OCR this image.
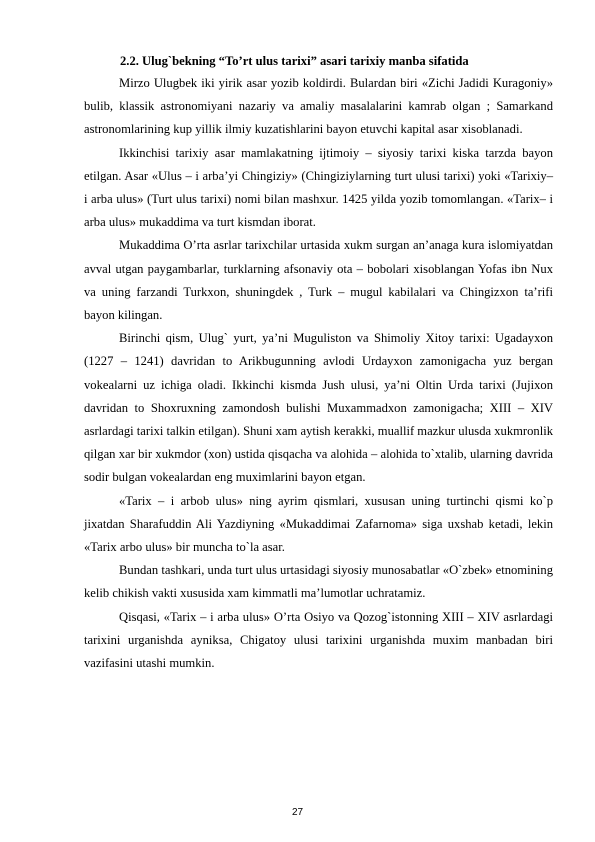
2.2. Ulug`bekning “To’rt ulus tarixi” asari tarixiy manba sifatida

Mirzo Ulugbek iki yirik asar yozib koldirdi. Bulardan biri «Zichi Jadidi Kuragoniy» bulib, klassik astronomiyani nazariy va amaliy masalalarini kamrab olgan ; Samarkand astronomlarining kup yillik ilmiy kuzatishlarini bayon etuvchi kapital asar xisoblanadi.

Ikkinchisi tarixiy asar mamlakatning ijtimoiy – siyosiy tarixi kiska tarzda bayon etilgan. Asar «Ulus – i arba’yi Chingiziy» (Chingiziylarning turt ulusi tarixi) yoki «Tarixiy– i arba ulus» (Turt ulus tarixi) nomi bilan mashxur. 1425 yilda yozib tomomlangan. «Tarix– i arba ulus» mukaddima va turt kismdan iborat.

Mukaddima O’rta asrlar tarixchilar urtasida xukm surgan an’anaga kura islomiyatdan avval utgan paygambarlar, turklarning afsonaviy ota – bobolari xisoblangan Yofas ibn Nux va uning farzandi Turkxon, shuningdek , Turk – mugul kabilalari va Chingizxon ta’rifi bayon kilingan.

Birinchi qism, Ulug` yurt, ya’ni Muguliston va Shimoliy Xitoy tarixi: Ugadayxon (1227 – 1241) davridan to Arikbugunning avlodi Urdayxon zamonigacha yuz bergan vokealarni uz ichiga oladi. Ikkinchi kismda Jush ulusi, ya’ni Oltin Urda tarixi (Jujixon davridan to Shoxruxning zamondosh bulishi Muxammadxon zamonigacha; XIII – XIV asrlardagi tarixi talkin etilgan). Shuni xam aytish kerakki, muallif mazkur ulusda xukmronlik qilgan xar bir xukmdor (xon) ustida qisqacha va alohida – alohida to`xtalib, ularning davrida sodir bulgan vokealardan eng muximlarini bayon etgan.

«Tarix – i arbob ulus» ning ayrim qismlari, xususan uning turtinchi qismi ko`p jixatdan Sharafuddin Ali Yazdiyning «Mukaddimai Zafarnoma» siga uxshab ketadi, lekin «Tarix arbo ulus» bir muncha to`la asar.

Bundan tashkari, unda turt ulus urtasidagi siyosiy munosabatlar «O`zbek» etnomining kelib chikish vakti xususida xam kimmatli ma’lumotlar uchratamiz.

Qisqasi, «Tarix – i arba ulus» O’rta Osiyo va Qozog`istonning XIII – XIV asrlardagi tarixini urganishda ayniksa, Chigatoy ulusi tarixini urganishda muxim manbadan biri vazifasini utashi mumkin.

27
